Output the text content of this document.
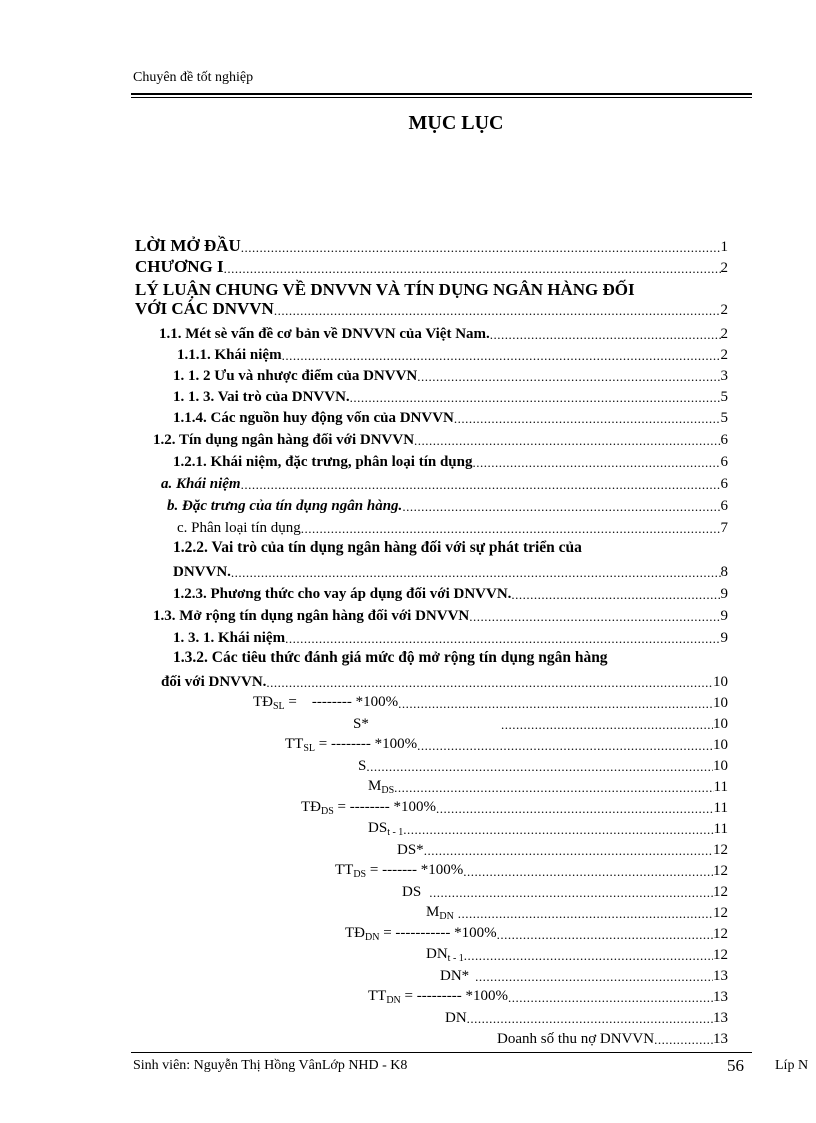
Chuyên đề tốt nghiệp
MỤC LỤC
LỜI MỞ ĐẦU .....	1
CHƯƠNG I .....	2
LÝ LUẬN CHUNG VỀ DNVVN VÀ TÍN DỤNG NGÂN HÀNG ĐỐI
VỚI CÁC DNVVN .....	2
1.1. Mét sè vấn đề cơ bản về DNVVN của Việt Nam. .....	2
1.1.1. Khái niệm .....	2
1. 1. 2 Ưu và nhược điểm của DNVVN .....	3
1. 1. 3. Vai trò của DNVVN. .....	5
1.1.4. Các nguồn huy động vốn của DNVVN .....	5
1.2. Tín dụng ngân hàng đối với DNVVN .....	6
1.2.1. Khái niệm, đặc trưng, phân loại tín dụng .....	6
a. Khái niệm .....	6
b. Đặc trưng của tín dụng ngân hàng. .....	6
c. Phân loại tín dụng .....	7
1.2.2. Vai trò của tín dụng ngân hàng đối với sự phát triển của
DNVVN. .....	8
1.2.3. Phương thức cho vay áp dụng đối với DNVVN. .....	9
1.3. Mở rộng tín dụng ngân hàng đối với DNVVN .....	9
1. 3. 1. Khái niệm .....	9
1.3.2. Các tiêu thức đánh giá mức độ mở rộng tín dụng ngân hàng
đối với DNVVN. .....	10
$TĐ_{SL}$ =    -------- *100% .....	10
S* .....	10
$TT_{SL}$ = -------- *100% .....	10
S .....	10
$M_{DS}$ .....	11
$TĐ_{DS}$ = -------- *100% .....	11
$DS_{t - 1}$ .....	11
DS* .....	12
$TT_{DS}$ = ------- *100% .....	12
DS .....	12
$M_{DN}$ .....	12
$TĐ_{DN}$ = ----------- *100% .....	12
$DN_{t - 1}$ .....	12
DN* .....	13
$TT_{DN}$ = --------- *100% .....	13
DN .....	13
Doanh số thu nợ DNVVN .....	13
Sinh viên: Nguyễn Thị Hồng VânLớp NHD - K8	56 Líp N
